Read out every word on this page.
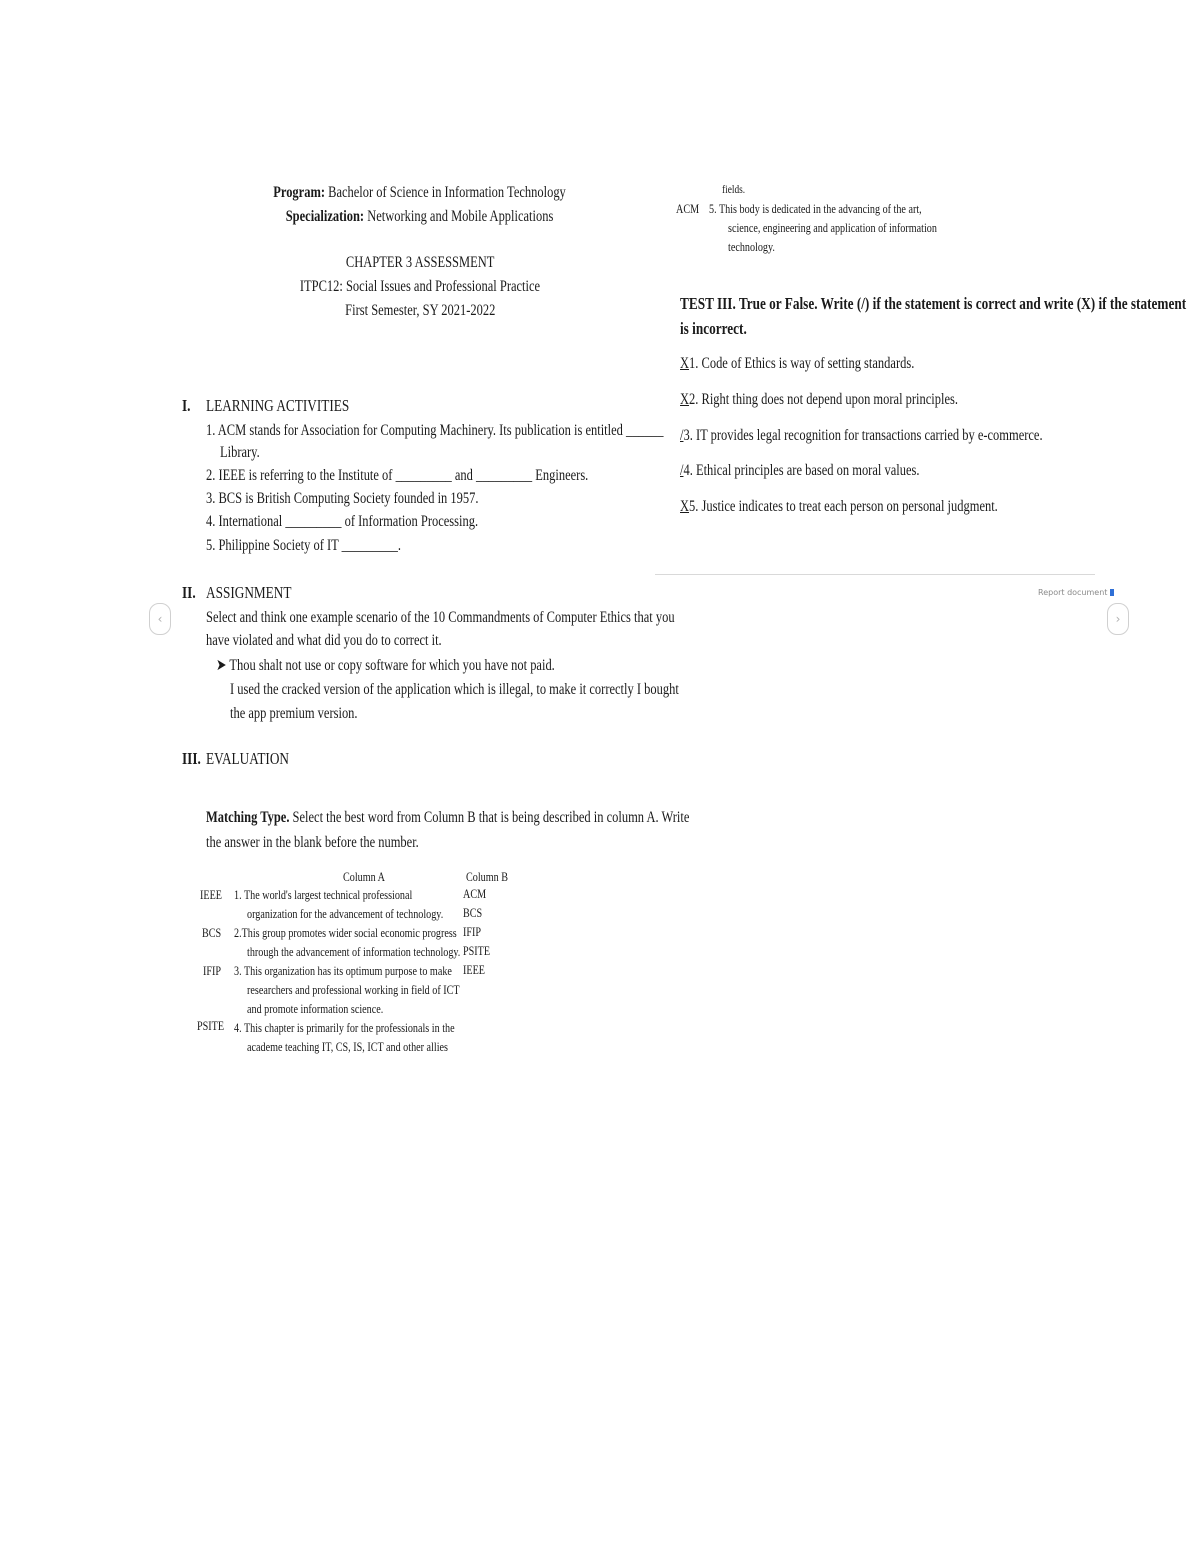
Program: Bachelor of Science in Information Technology
Specialization: Networking and Mobile Applications
CHAPTER 3 ASSESSMENT
ITPC12: Social Issues and Professional Practice
First Semester, SY 2021-2022
I. LEARNING ACTIVITIES
1. ACM stands for Association for Computing Machinery. Its publication is entitled ______
Library.
2. IEEE is referring to the Institute of _________ and _________ Engineers.
3. BCS is British Computing Society founded in 1957.
4. International _________ of Information Processing.
5. Philippine Society of IT _________.
II. ASSIGNMENT
Select and think one example scenario of the 10 Commandments of Computer Ethics that you
have violated and what did you do to correct it.
➤ Thou shalt not use or copy software for which you have not paid.
I used the cracked version of the application which is illegal, to make it correctly I bought
the app premium version.
III. EVALUATION
Matching Type. Select the best word from Column B that is being described in column A. Write
the answer in the blank before the number.
Column A	Column B
IEEE
BCS
IFIP
PSITE
1. The world's largest technical professional
organization for the advancement of technology.
2.This group promotes wider social economic progress
through the advancement of information technology.
3. This organization has its optimum purpose to make
researchers and professional working in field of ICT
and promote information science.
4. This chapter is primarily for the professionals in the
academe teaching IT, CS, IS, ICT and other allies
ACM
BCS
IFIP
PSITE
IEEE
fields.
ACM 5. This body is dedicated in the advancing of the art,
science, engineering and application of information
technology.
TEST III. True or False. Write (/) if the statement is correct and write (X) if the statement
is incorrect.
X1. Code of Ethics is way of setting standards.
X2. Right thing does not depend upon moral principles.
/3. IT provides legal recognition for transactions carried by e-commerce.
/4. Ethical principles are based on moral values.
X5. Justice indicates to treat each person on personal judgment.
Report document
‹	›
